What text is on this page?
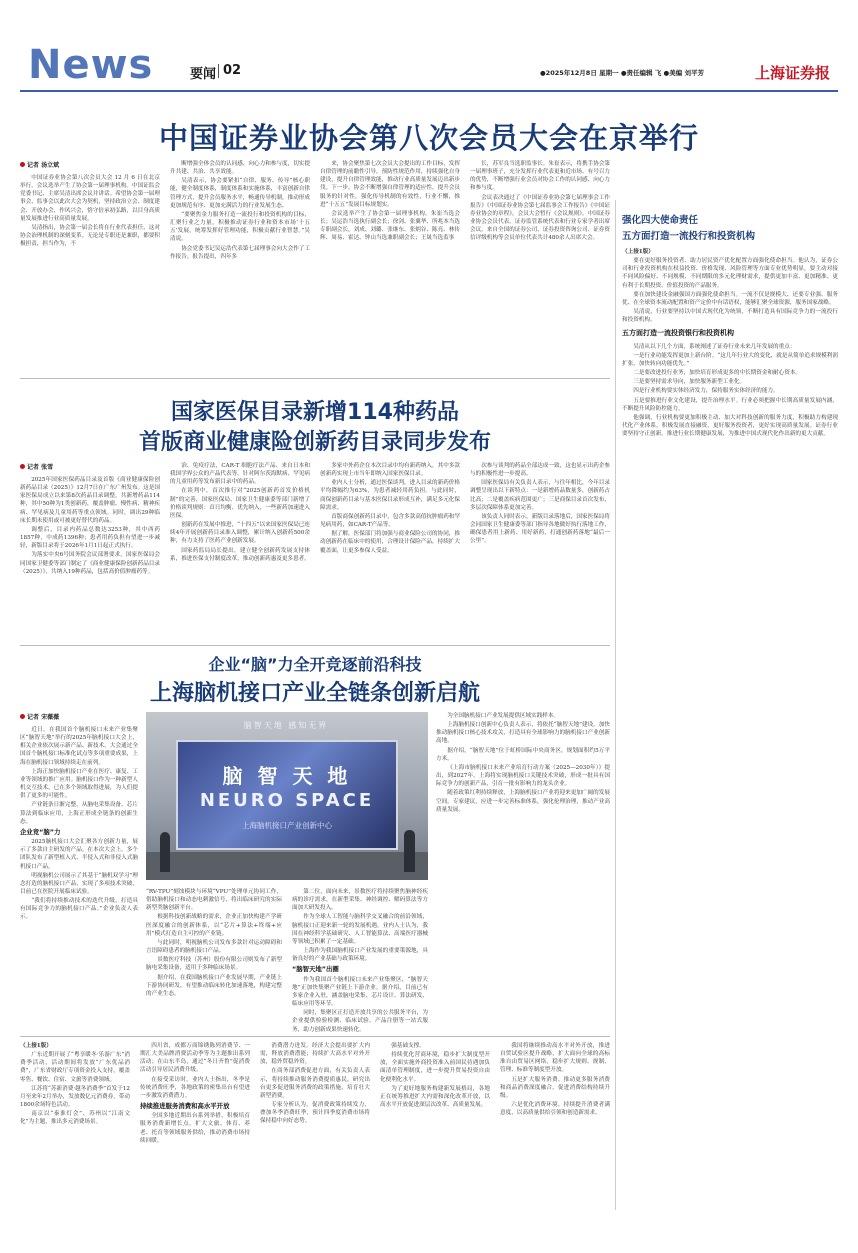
News	要闻 02	●2025年12月8日 星期一 ●责任编辑 飞 ●美编 刘平芳	上海证券报
中国证券业协会第八次会员大会在京举行
记者 汤立斌

中国证券业协会第八次会员大会 12 月 6 日在北京举行。会议选举产生了协会第一届理事机构。中国证监会党委书记、主席吴清出席会议并讲话。希望协会第一届理事会、监事会以此次大会为契机，坚持政治立会、制度建会、开放办会，作风兴会，恪守倍承初弘路，以目身高质量发展推进行业高质量发展。

吴清指出，协会第一届会长将在行业代表担任，这对协会治理机制的深刻变革。无论是专职还是兼职，都要积极担责，担当作为，不

断增强全体会员的认同感、向心力和参与度，切实提升共建、共治、共享效能。

吴清表示，协会要紧扣“自律、服务、传导”核心职能，健全制度体系，制度体系和实施体系，丰富创新自律管理方式，提升会员服务水平，畅通传导机制，推动形成更加规范有序、更加充满活力的行业发展生态。

“要聚焦金力服务打造一流投行和投资机构的目标，汇聚行业之力量，积极推动证券行业和资本市场‘十五五’发展，统筹发挥好管理功能，积极贡献行业智慧。”吴清说。

协会党委书记吴运浩代表第七届理事会向大会作了工作报告。报告提出，四年多

来，协会聚焦第七次会员大会提出的工作目标，发挥自律管理的前瞻性引导，预防性规范作用，持续强化自身建设，提升自律管理效能，推动行业高质量发展迈出新步伐。下一步，协会不断增强自律管理的适应性，提升会员服务的针对性，强化传导机制的有效性，行业不懈，推进“十五五”发展目标规划实。

会议选举产生了协会第一届理事机构。朱崔当选会长；吴运浩当选执行副会长；徐剑、张翼华、所兆本当选专职副会长，刘成、刘璐、张继东、张炳谷、陈亮、林传辉、周易、霍达、钟山当选兼职副会长；王晟当选监事

长，苏军良当选职监事长。朱崔表示，将携手协会第一届理事班子，充分发挥行业代表更和近市场、有号召力的优势，不断增强行业会员对协会工作的认同感、向心力和参与度。

会议表决通过了《中国证券业协会第七届理事会工作报告》《中国证券业协会第七届监事会工作报告》《中国证券业协会的章程》，会员大会暂行《会议规则》。中国证券业协会会员代表、证券监管系统代表和行业专家学者出席会议。来自全国的证券公司、证券投资咨询公司、证券资信评级机构等会员单位代表共计480余人出席大会。

强化四大使命责任
五方面打造一流投行和投资机构

（上接1版）

要在更好服务投资者、助力居民资产优化配置方面强化使命担当。他认为，证券公司和行业投资机构在权益投资、价格发现、风险管理等方面专业优势明显，要主动对接不同风险偏好、不同规模、不同期限的多元化理财需求，提供更加丰富、更加精准、更有利于长期投资、价值投资的产品服务。

要在加快建设金融强国方面强化使命担当。一流不仅是规模大、还要专业强、服务优、在全球资本流动配置和资产定价中有话语权，能够汇聚全球资源，服务国家战略。

吴清说，行业要坚持以中国式现代化为统领，不断打造具有国际竞争力的一流投行和投资机构。

五方面打造一流投资银行和投资机构

吴清从以下几个方面，系统阐述了证券行业未来几年发展的重点：

一是行业功能发挥更加上新台阶。“这几年行业大的变化，就是从简单追求规模利润扩张，加快转向功能优先。”

二是要改进投行业务，加快培育形成更多的中长期资金和耐心资本。

三是要坚持需求导向，加快服务新型工业化。

四是行业机构要实体经济发力，保持服务实体经济的能力。

五是要推进行业文化建设，提升治理水平。行业必须把握中长期高质量发展内涵，不断提升风险防控能力。

他强调，行业机构要更加积极主动、加大对科技创新的服务力度，积极助力构建现代化产业体系，积极发展直接融资，更好服务投资者，更好实现高质量发展。证券行业要坚持守正创新，推进行业长期健康发展，为推进中国式现代化作出新的更大贡献。

国家医保目录新增114种药品
首版商业健康险创新药目录同步发布
记者 张雪

2025年国家医保药品目录及首版《商业健康保险创新药品目录（2025）》12月7日在广东广州发布。这是国家医保局成立以来第8次药品目录调整。共新增药品114种，其中50种为1类创新药，覆盖肿瘤、慢性病、精神疾病、罕见病及儿童用药等重点领域。同时，调出29种临床长期未使用或可被更好替代的药品。

调整后，目录内药品总数达3253种，其中西药1857种，中成药1396种；患者用药负担有望进一步减轻，新版目录将于2026年1月1日起正式执行。

为落实中央6号国务院会议部署要求，国家医保局会同国家卫健委等部门制定了《商业健康保险创新药品目录（2025）》，共纳入19种药品，包括高价值肿瘤药等。

治、免疫疗法，CAR-T 细胞疗法产品、来自日本和我国学界公众的产品代表等。针对阿尔茨海默病、罕见病的儿童用药等发布新目录中的药品。

在谈判中，首次推行对“2025创新药首发价格机制”的完善，国家医保局、国家卫生健康委等部门新增了价格谈判规则：首日均衡、优先纳入，一些新药加速进入医保。

创新药在发展中推进，“十四五”以来国家医保局已连续4年开展创新药目录准入调整，累计纳入创新药500余种，有力支持了医药产业创新发展。

国家药监局局长提出，建立健全创新药发展支持体系，推进医保支付制度改革，推动创新药惠及更多患者。

多家中外药企在本次目录中均有新药纳入，其中多款创新药实现上市当年即纳入国家医保目录。

业内人士分析，通过医保谈判，进入目录的新药价格平均降幅约为63%，为患者减轻用药负担。与此同时，商保创新药目录与基本医保目录形成互补，满足多元化保障需求。

首版商保创新药目录中，包含多款高值抗肿瘤药和罕见病用药，如CAR-T产品等。

据了解，医保部门将加强与商业保险公司的协同，推动创新药在临床中的使用，合理设计保险产品，持续扩大覆盖面，让更多参保人受益。

次参与谈判的药品全部达成一致，这也显示出药企参与的积极性进一步提高。

国家医保局有关负责人表示，与往年相比，今年目录调整呈现出以下新特点：一是新增药品数量多，创新药占比高；二是覆盖疾病范围更广；三是商保目录首次发布，多层次保障体系更加完善。

该负责人同时表示，新版目录落地后，国家医保局将会同国家卫生健康委等部门指导各地做好执行落地工作，确保患者用上新药、用好新药，打通创新药落地“最后一公里”。

企业“脑”力全开竞逐前沿科技
上海脑机接口产业全链条创新启航
记者 宋薇薇

近日，在我国首个脑机接口未来产业集聚区“脑智天地”举行的2025年脑机接口大会上，相关企业依次展示新产品、新技术。大会通过全国首个脑机接口标准化试点等多项重要成果，上海在脑机接口领域持续走在前列。

上海正加快脑机接口产业在医疗、康复、工业等领域的推广应用。脑机接口作为一种新型人机交互技术，已在多个领域取得进展，为人们提供了更多的可能性。

产业链条日渐完整，从脑电采集设备、芯片算法到临床应用，上海正形成全链条的创新生态。

企业竞“脑”力

2025脑机接口大会汇聚各方创新力量，展示了多款自主研发的产品。在本次大会上，多个团队发布了新型植入式、半侵入式和非侵入式脑机接口产品。

明视脑机公司展示了其基于“脑机双学习”理念打造的脑机接口产品，实现了多项技术突破，目前已在医院开展临床试验。

“我们将持续推动技术的迭代升级，打造具有国际竞争力的脑机接口产品。”企业负责人表示。

脑智天地 感知无界
脑 智 天 地
NEURO SPACE
上海脑机接口产业创新中心

“RV-TPU”刻蚀模块与环境“VPU”处理单元协同工作，借助脑机接口和动态电刺激信号，将出临床研究的实际新型类脑创新平台。

根据科技创新战略的需求，企业正加快构建产学研医深度融合的创新体系，以“芯片+算法+终端+应用”模式打造自主可控的产业链。

与此同时，明视脑机公司发布多款针对运动障碍和言语障碍患者的脑机接口产品。

景数医疗科技（苏州）股份有限公司则发布了新型脑电采集设备，适用于多种临床场景。

据介绍，在我国脑机接口产业发展早期，产业链上下游协同研发，有望推动临床转化加速落地，构建完整的产业生态。

第二位，面向未来，景数医疗将持续聚焦脑神经疾病的诊疗需求，在新型采集、神经调控、解码算法等方面加大研发投入。

作为全球人工智能与脑科学交叉融合的前沿领域，脑机接口正迎来新一轮的发展机遇。业内人士认为，我国在神经科学基础研究、人工智能算法、高端医疗器械等领域已积累了一定基础。

上海作为我国脑机接口产业发展的重要策源地，具备良好的产业基础与政策环境。

“脑智天地”出圈

作为我国首个脑机接口未来产业集聚区，“脑智天地”正加快集聚产业链上下游企业。据介绍，目前已有多家企业入驻，涵盖脑电采集、芯片设计、算法研发、临床应用等环节。

同时，集聚区正打造开放共享的公共服务平台，为企业提供检验检测、临床试验、产品注册等一站式服务，助力创新成果快速转化。

为全国脑机接口产业发展提供区域实践样本。

上海脑机接口创新中心负责人表示，将依托“脑智天地”建设，加快推动脑机接口核心技术攻关，打造具有全球影响力的脑机接口产业创新高地。

据介绍，“脑智天地”位于虹桥国际中央商务区，规划面积约5万平方米。

《上海市脑机接口未来产业培育行动方案（2025—2030年）》提出，到2027年，上海将实现脑机接口关键技术突破，形成一批具有国际竞争力的创新产品，引育一批有影响力的龙头企业。

随着政策红利持续释放，上海脑机接口产业将迎来更加广阔的发展空间。专家建议，应进一步完善标准体系，强化伦理治理，推动产业高质量发展。

（上接1版）

广东近期开展了“粤享暖冬·乐游广东”消费季活动，活动期间将发放“广东优品消费”，广东省财政厅专项资金投入支持，覆盖零售、餐饮、住宿、文旅等消费领域。

江苏将“苏新消费·越冬消费季”首发于12月至来年2月举办，发放数亿元消费券，带动1800余场特色活动。

南京以“秦淮灯会”、苏州以“江南文化”为主题，推出多元消费场景。

四川省，成都万商锦绣陈列消费节、一期汇大美品牌消费活动季等为主题推出系列活动；在山东半岛，通过“冬日齐鲁”促消费活动引导居民消费升级。

在接受采访时，业内人士指出，冬季是传统消费旺季，各地政策的密集出台有望进一步激发消费潜力。

持续推进服务消费和高水平开放

全国多地近期出台系列举措，积极培育服务消费新增长点，扩大文旅、体育、养老、托育等领域服务供给，推动消费市场持续回暖。

消费潜力迸发。经济大会提出要扩大内需，释放消费潜能；持续扩大高水平对外开放，稳外贸稳外资。

在商务部消费促进方面，有关负责人表示，将持续推动服务消费提质惠民，研究出台更多促进服务消费的政策措施，培育壮大新型消费。

专家分析认为，促消费政策持续发力，叠加冬季消费旺季，预计四季度消费市场将保持稳中向好态势。

强基础支撑。

持续优化营商环境，稳步扩大制度型开放，全面实施外商投资准入前国民待遇加负面清单管理制度，进一步提升贸易投资自由化便利化水平。

为了更好地服务构建新发展格局，各地正在统筹推进扩大内需和深化改革开放，以高水平开放促进深层次改革、高质量发展。

我国将继续推动高水平对外开放，推进自贸试验区提升战略，扩大面向全球的高标准自由贸易区网络，稳步扩大规则、规制、管理、标准等制度型开放。

五是扩大服务消费。推动更多服务消费和商品消费深度融合，促进消费结构持续升级。

六是优化消费环境。持续提升消费者满意度，以高质量供给引领和创造新需求。
